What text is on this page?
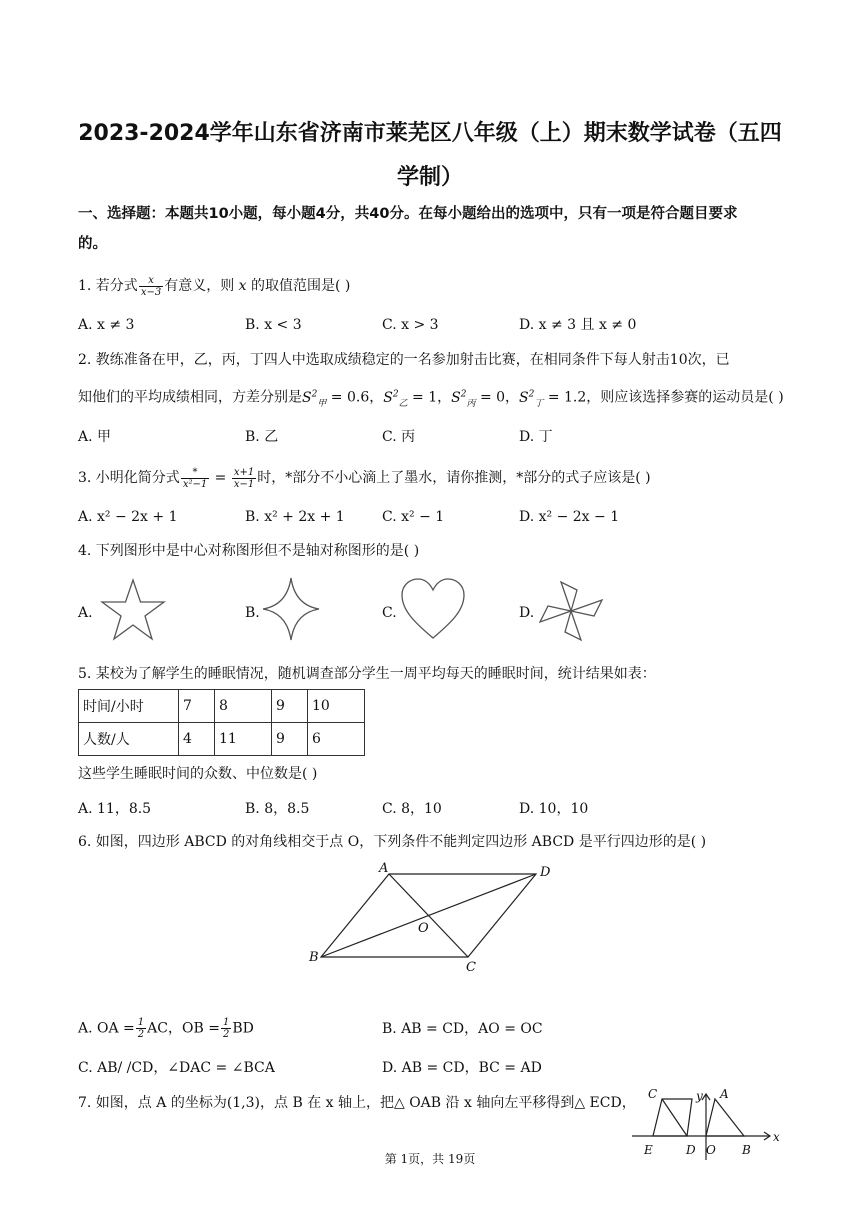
2023-2024学年山东省济南市莱芜区八年级（上）期末数学试卷（五四
学制）
一、选择题：本题共10小题，每小题4分，共40分。在每小题给出的选项中，只有一项是符合题目要求
的。
1. 若分式 $\frac{x}{x-3}$ 有意义，则 x 的取值范围是( )
A. x ≠ 3	B. x < 3	C. x > 3	D. x ≠ 3 且 x ≠ 0
2. 教练准备在甲，乙，丙，丁四人中选取成绩稳定的一名参加射击比赛，在相同条件下每人射击10次，已
知他们的平均成绩相同，方差分别是$S^2_甲 = 0.6$，$S^2_乙 = 1$，$S^2_丙 = 0$，$S^2_丁 = 1.2$，则应该选择参赛的运动员是( )
A. 甲	B. 乙	C. 丙	D. 丁
3. 小明化简分式 $\frac{*}{\text{x²−1}} = \frac{x+1}{x-1}$ 时，*部分不小心滴上了墨水，请你推测，*部分的式子应该是( )
A. x² − 2x + 1	B. x² + 2x + 1	C. x² − 1	D. x² − 2x − 1
4. 下列图形中是中心对称图形但不是轴对称图形的是( )
A.	B.	C.	D.
5. 某校为了解学生的睡眠情况，随机调查部分学生一周平均每天的睡眠时间，统计结果如表：
时间/小时	7	8	9	10
人数/人	4	11	9	6
这些学生睡眠时间的众数、中位数是( )
A. 11，8.5	B. 8，8.5	C. 8，10	D. 10，10
6. 如图，四边形 ABCD 的对角线相交于点 O，下列条件不能判定四边形 ABCD 是平行四边形的是( )
A	D
B
C
O
A. OA = $\frac{1}{2}$ AC，OB = $\frac{1}{2}$ BD	B. AB = CD，AO = OC
C. AB/ /CD，∠DAC = ∠BCA	D. AB = CD，BC = AD
7. 如图，点 A 的坐标为(1,3)，点 B 在 x 轴上，把△ OAB 沿 x 轴向左平移得到△ ECD，	y
x
C	A
E	D O B
第 1页，共 19页
